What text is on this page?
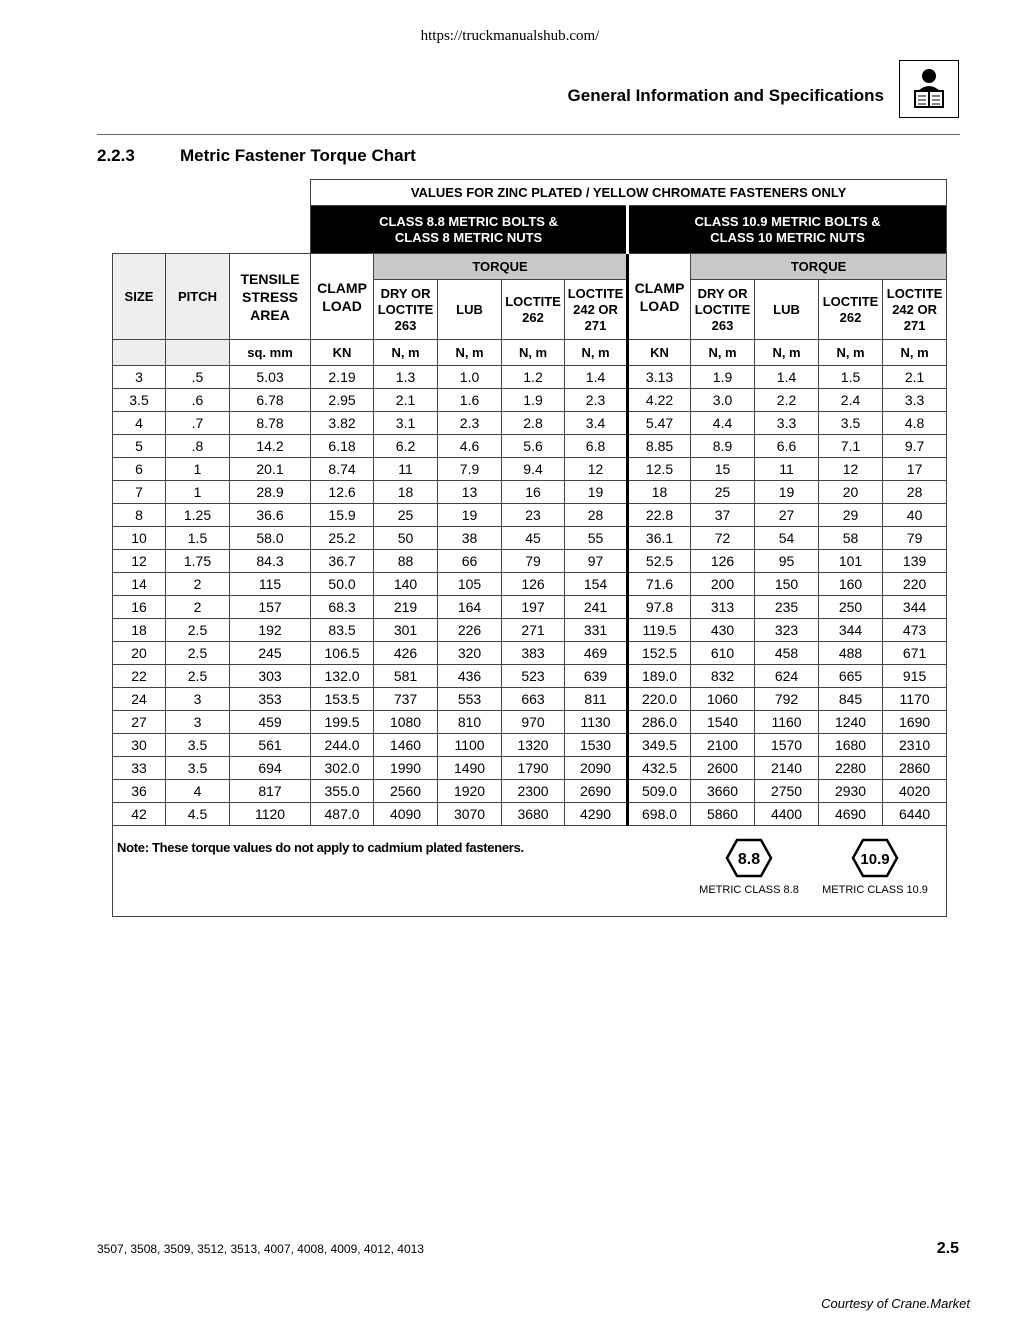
https://truckmanualshub.com/
General Information and Specifications
2.2.3	Metric Fastener Torque Chart
			VALUES FOR ZINC PLATED / YELLOW CHROMATE FASTENERS ONLY									

			CLASS 8.8 METRIC BOLTS &
CLASS 8 METRIC NUTS					CLASS 10.9 METRIC BOLTS &
CLASS 10 METRIC NUTS				

SIZE	PITCH	TENSILE
STRESS
AREA	CLAMP
LOAD	TORQUE				CLAMP
LOAD	TORQUE			

				DRY OR
LOCTITE
263	LUB	LOCTITE
262	LOCTITE
242 OR
271		DRY OR
LOCTITE
263	LUB	LOCTITE
262	LOCTITE
242 OR
271

		sq. mm	KN	N, m	N, m	N, m	N, m	KN	N, m	N, m	N, m	N, m
3	.5	5.03	2.19	1.3	1.0	1.2	1.4	3.13	1.9	1.4	1.5	2.1
3.5	.6	6.78	2.95	2.1	1.6	1.9	2.3	4.22	3.0	2.2	2.4	3.3
4	.7	8.78	3.82	3.1	2.3	2.8	3.4	5.47	4.4	3.3	3.5	4.8
5	.8	14.2	6.18	6.2	4.6	5.6	6.8	8.85	8.9	6.6	7.1	9.7
6	1	20.1	8.74	11	7.9	9.4	12	12.5	15	11	12	17
7	1	28.9	12.6	18	13	16	19	18	25	19	20	28
8	1.25	36.6	15.9	25	19	23	28	22.8	37	27	29	40
10	1.5	58.0	25.2	50	38	45	55	36.1	72	54	58	79
12	1.75	84.3	36.7	88	66	79	97	52.5	126	95	101	139
14	2	115	50.0	140	105	126	154	71.6	200	150	160	220
16	2	157	68.3	219	164	197	241	97.8	313	235	250	344
18	2.5	192	83.5	301	226	271	331	119.5	430	323	344	473
20	2.5	245	106.5	426	320	383	469	152.5	610	458	488	671
22	2.5	303	132.0	581	436	523	639	189.0	832	624	665	915
24	3	353	153.5	737	553	663	811	220.0	1060	792	845	1170
27	3	459	199.5	1080	810	970	1130	286.0	1540	1160	1240	1690
30	3.5	561	244.0	1460	1100	1320	1530	349.5	2100	1570	1680	2310
33	3.5	694	302.0	1990	1490	1790	2090	432.5	2600	2140	2280	2860
36	4	817	355.0	2560	1920	2300	2690	509.0	3660	2750	2930	4020
42	4.5	1120	487.0	4090	3070	3680	4290	698.0	5860	4400	4690	6440

Note: These torque values do not apply to cadmium plated fasteners.
8.8
METRIC CLASS 8.8
10.9
METRIC CLASS 10.9												
3507, 3508, 3509, 3512, 3513, 4007, 4008, 4009, 4012, 4013	2.5
Courtesy of Crane.Market
